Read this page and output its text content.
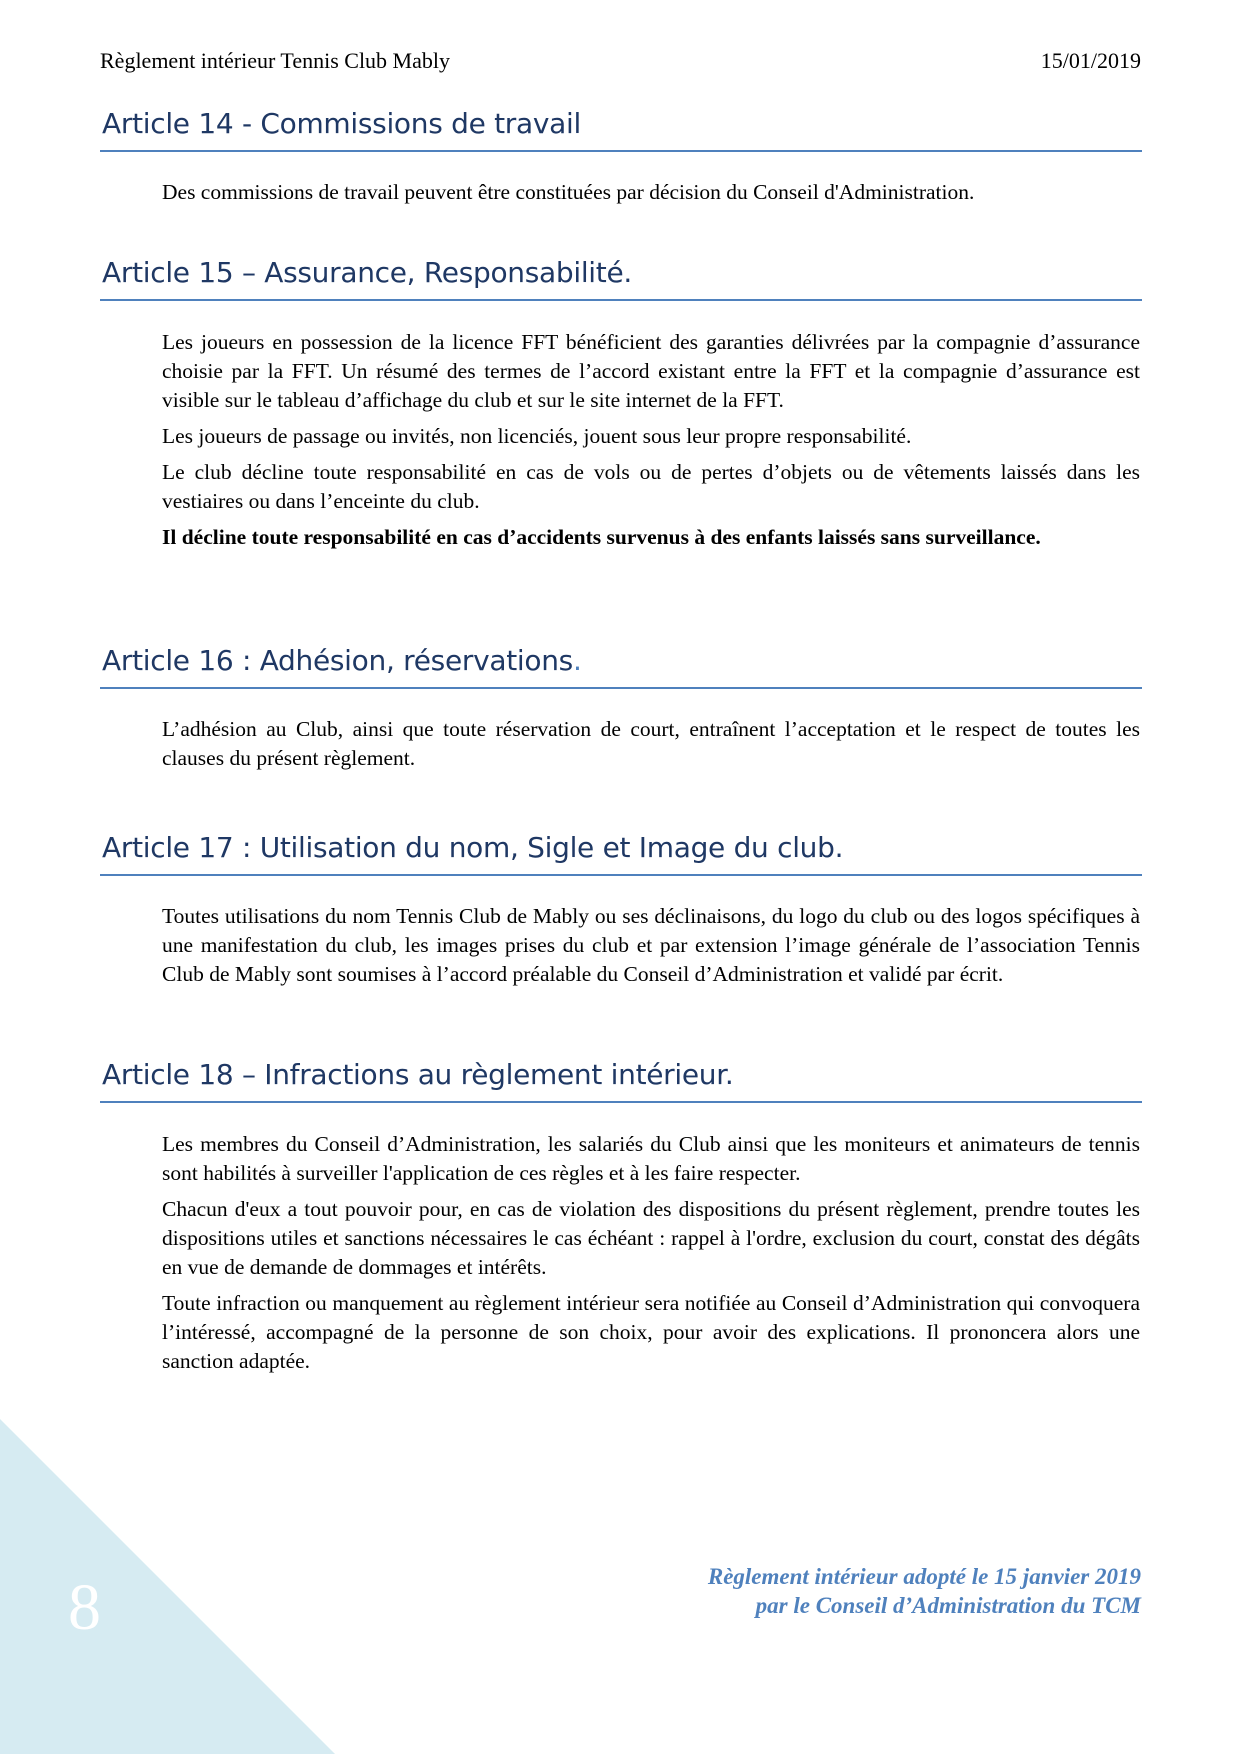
8
Règlement intérieur Tennis Club Mably	15/01/2019
Article 14 - Commissions de travail

Des commissions de travail peuvent être constituées par décision du Conseil d'Administration.

Article 15 – Assurance, Responsabilité.

Les joueurs en possession de la licence FFT bénéficient des garanties délivrées par la compagnie d’assurance choisie par la FFT. Un résumé des termes de l’accord existant entre la FFT et la compagnie d’assurance est visible sur le tableau d’affichage du club et sur le site internet de la FFT.

Les joueurs de passage ou invités, non licenciés, jouent sous leur propre responsabilité.

Le club décline toute responsabilité en cas de vols ou de pertes d’objets ou de vêtements laissés dans les vestiaires ou dans l’enceinte du club.

Il décline toute responsabilité en cas d’accidents survenus à des enfants laissés sans surveillance.

Article 16 : Adhésion, réservations.

L’adhésion au Club, ainsi que toute réservation de court, entraînent l’acceptation et le respect de toutes les clauses du présent règlement.

Article 17 : Utilisation du nom, Sigle et Image du club.

Toutes utilisations du nom Tennis Club de Mably ou ses déclinaisons, du logo du club ou des logos spécifiques à une manifestation du club, les images prises du club et par extension l’image générale de l’association Tennis Club de Mably sont soumises à l’accord préalable du Conseil d’Administration et validé par écrit.

Article 18 – Infractions au règlement intérieur.

Les membres du Conseil d’Administration, les salariés du Club ainsi que les moniteurs et animateurs de tennis sont habilités à surveiller l'application de ces règles et à les faire respecter.

Chacun d'eux a tout pouvoir pour, en cas de violation des dispositions du présent règlement, prendre toutes les dispositions utiles et sanctions nécessaires le cas échéant : rappel à l'ordre, exclusion du court, constat des dégâts en vue de demande de dommages et intérêts.

Toute infraction ou manquement au règlement intérieur sera notifiée au Conseil d’Administration qui convoquera l’intéressé, accompagné de la personne de son choix, pour avoir des explications. Il prononcera alors une sanction adaptée.

Règlement intérieur adopté le 15 janvier 2019
par le Conseil d’Administration du TCM
